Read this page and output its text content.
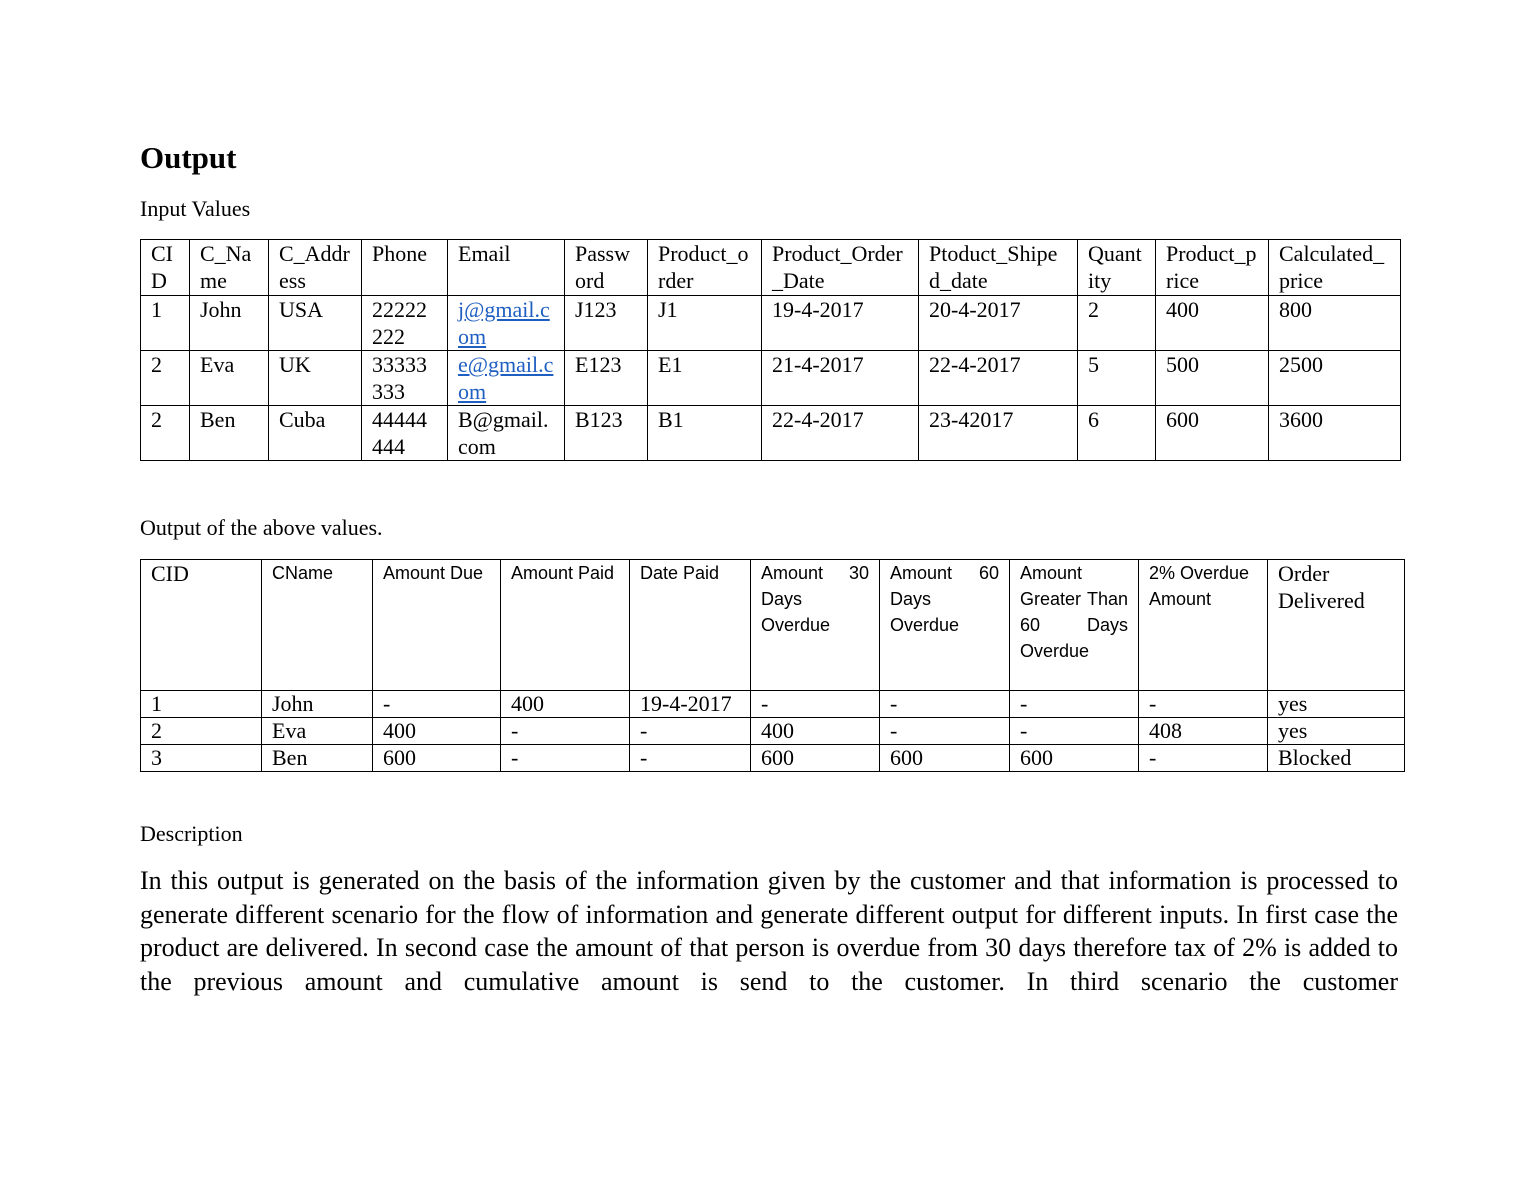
Output

Input Values

CID	C_Name	C_Address	Phone	Email	Password	Product_order	Product_Order_Date	Ptoduct_Shiped_date	Quantity	Product_price	Calculated_price
1	John	USA	22222222	j@gmail.com	J123	J1	19-4-2017	20-4-2017	2	400	800
2	Eva	UK	33333333	e@gmail.com	E123	E1	21-4-2017	22-4-2017	5	500	2500
2	Ben	Cuba	44444444	B@gmail.com	B123	B1	22-4-2017	23-42017	6	600	3600

Output of the above values.

CID	CName	Amount Due	Amount Paid	Date Paid	Amount 30 Days Overdue	Amount 60 Days Overdue	Amount Greater Than 60 Days Overdue	2% Overdue Amount	Order Delivered
1	John	-	400	19-4-2017	-	-	-	-	yes
2	Eva	400	-	-	400	-	-	408	yes
3	Ben	600	-	-	600	600	600	-	Blocked

Description

In this output is generated on the basis of the information given by the customer and that information is processed to generate different scenario for the flow of information and generate different output for different inputs. In first case the product are delivered. In second case the amount of that person is overdue from 30 days therefore tax of 2% is added to the previous amount and cumulative amount is send to the customer. In third scenario the customer
